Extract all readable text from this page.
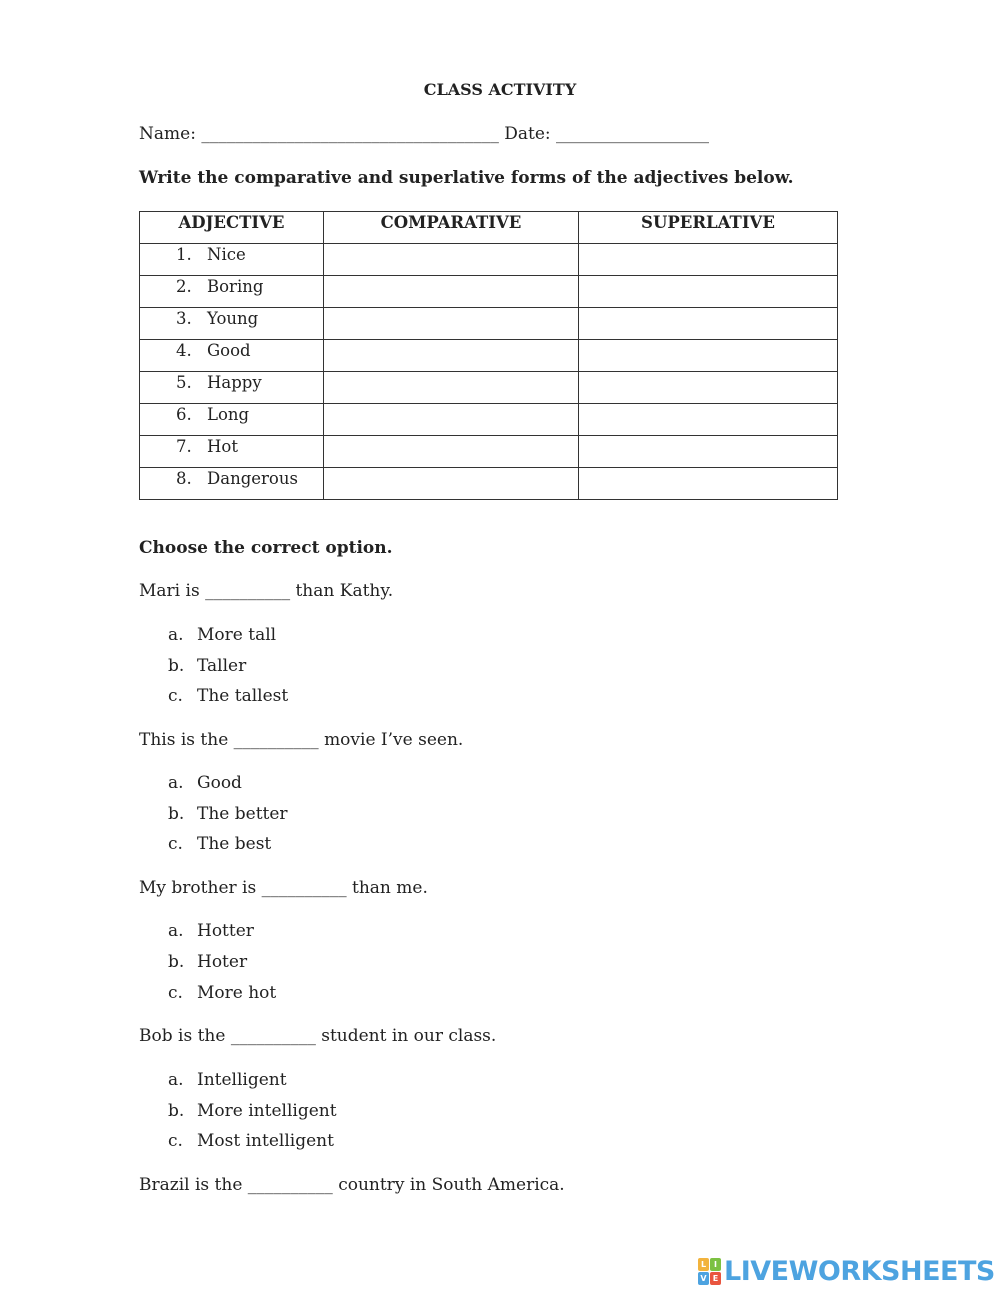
CLASS ACTIVITY
Name: ___________________________________ Date: __________________
Write the comparative and superlative forms of the adjectives below.
ADJECTIVE	COMPARATIVE	SUPERLATIVE
1. Nice		
2. Boring		
3. Young		
4. Good		
5. Happy		
6. Long		
7. Hot		
8. Dangerous		
Choose the correct option.
Mari is __________ than Kathy.
a. More tall
b. Taller
c. The tallest
This is the __________ movie I’ve seen.
a. Good
b. The better
c. The best
My brother is __________ than me.
a. Hotter
b. Hoter
c. More hot
Bob is the __________ student in our class.
a. Intelligent
b. More intelligent
c. Most intelligent
Brazil is the __________ country in South America.
L I
V E LIVEWORKSHEETS
